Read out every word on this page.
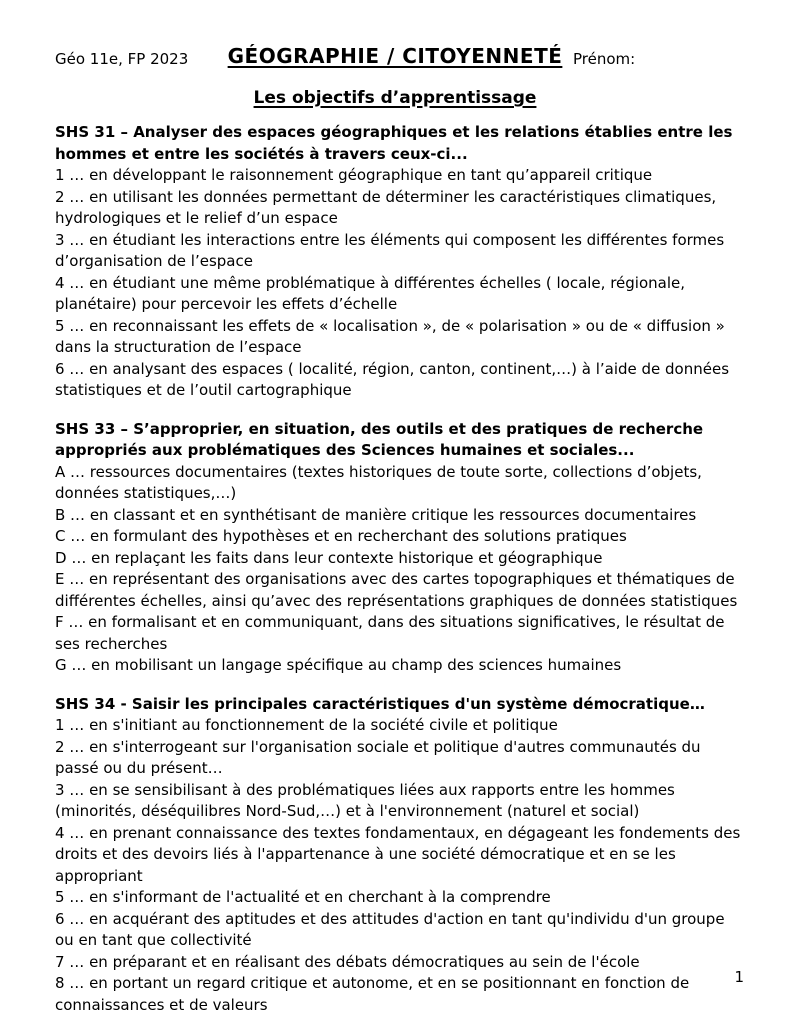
Géo 11e, FP 2023	GÉOGRAPHIE / CITOYENNETÉ Prénom:
Les objectifs d’apprentissage

SHS 31 – Analyser des espaces géographiques et les relations établies entre les hommes et entre les sociétés à travers ceux-ci...

1 … en développant le raisonnement géographique en tant qu’appareil critique

2 … en utilisant les données permettant de déterminer les caractéristiques climatiques, hydrologiques et le relief d’un espace

3 … en étudiant les interactions entre les éléments qui composent les différentes formes d’organisation de l’espace

4 … en étudiant une même problématique à différentes échelles ( locale, régionale, planétaire) pour percevoir les effets d’échelle

5 … en reconnaissant les effets de « localisation », de « polarisation » ou de « diffusion » dans la structuration de l’espace

6 … en analysant des espaces ( localité, région, canton, continent,…) à l’aide de données statistiques et de l’outil cartographique

SHS 33 – S’approprier, en situation, des outils et des pratiques de recherche appropriés aux problématiques des Sciences humaines et sociales...

A … ressources documentaires (textes historiques de toute sorte, collections d’objets, données statistiques,…)

B … en classant et en synthétisant de manière critique les ressources documentaires

C … en formulant des hypothèses et en recherchant des solutions pratiques

D … en replaçant les faits dans leur contexte historique et géographique

E … en représentant des organisations avec des cartes topographiques et thématiques de différentes échelles, ainsi qu’avec des représentations graphiques de données statistiques

F … en formalisant et en communiquant, dans des situations significatives, le résultat de ses recherches

G … en mobilisant un langage spécifique au champ des sciences humaines

SHS 34 - Saisir les principales caractéristiques d'un système démocratique…

1 … en s'initiant au fonctionnement de la société civile et politique

2 … en s'interrogeant sur l'organisation sociale et politique d'autres communautés du passé ou du présent…

3 … en se sensibilisant à des problématiques liées aux rapports entre les hommes (minorités, déséquilibres Nord-Sud,…) et à l'environnement (naturel et social)

4 … en prenant connaissance des textes fondamentaux, en dégageant les fondements des droits et des devoirs liés à l'appartenance à une société démocratique et en se les appropriant

5 … en s'informant de l'actualité et en cherchant à la comprendre

6 … en acquérant des aptitudes et des attitudes d'action en tant qu'individu d'un groupe ou en tant que collectivité

7 … en préparant et en réalisant des débats démocratiques au sein de l'école

8 … en portant un regard critique et autonome, et en se positionnant en fonction de connaissances et de valeurs

1
